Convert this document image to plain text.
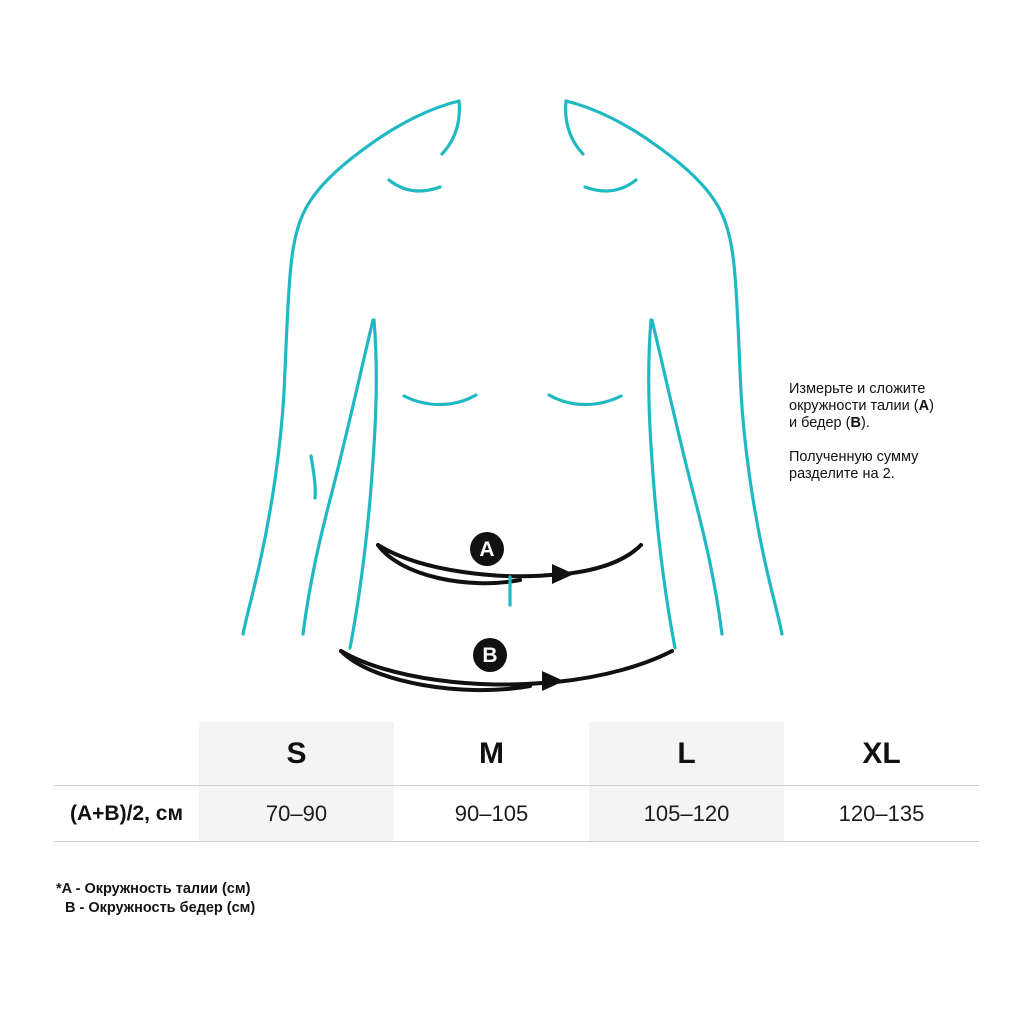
A
B

Измерьте и сложите
окружности талии (A)
и бедер (B).

Полученную сумму
разделите на 2.

	S	M	L	XL
(A+B)/2, см	70–90	90–105	105–120	120–135
*A - Окружность талии (см)
B - Окружность бедер (см)
